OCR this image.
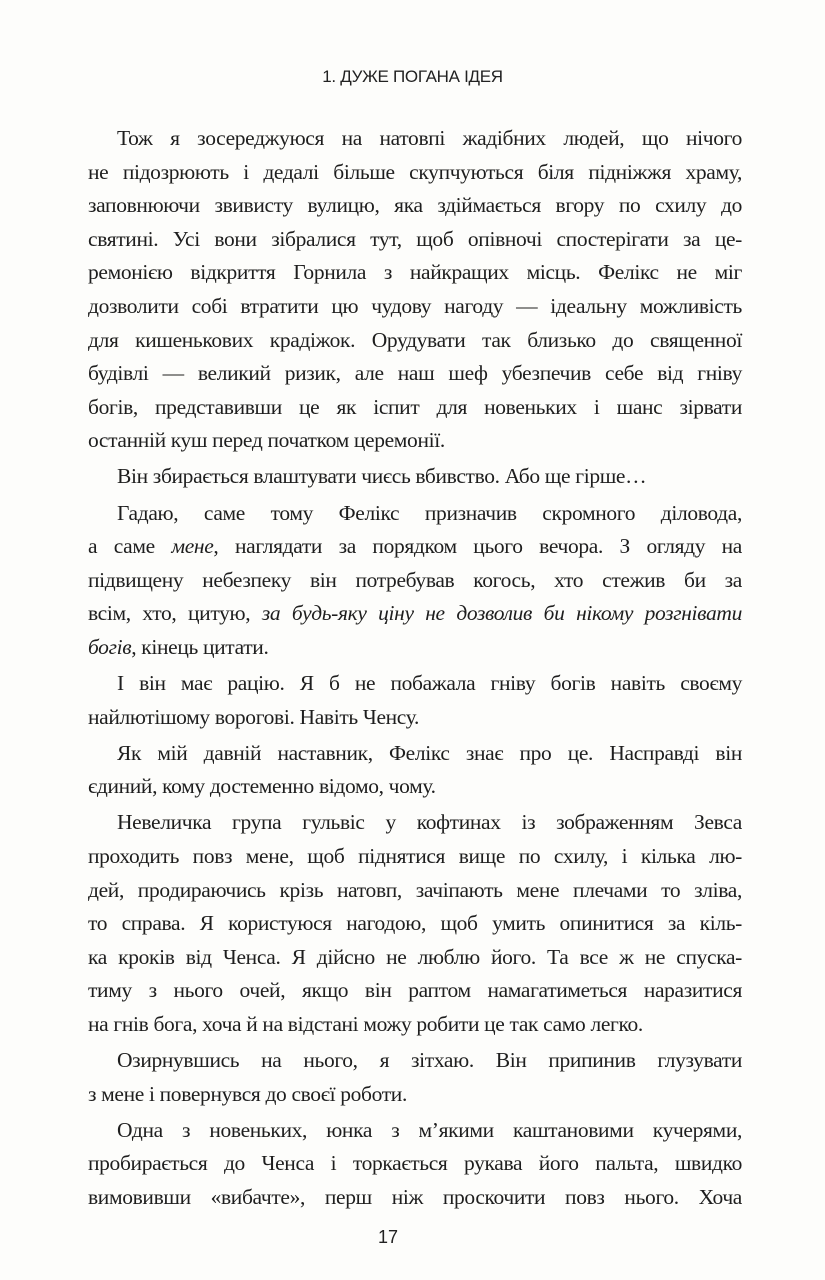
1. ДУЖЕ ПОГАНА ІДЕЯ
Тож я зосереджуюся на натовпі жадібних людей, що нічого
не підозрюють і дедалі більше скупчуються біля підніжжя храму,
заповнюючи звивисту вулицю, яка здіймається вгору по схилу до
святині. Усі вони зібралися тут, щоб опівночі спостерігати за це-
ремонією відкриття Горнила з найкращих місць. Фелікс не міг
дозволити собі втратити цю чудову нагоду — ідеальну можливість
для кишенькових крадіжок. Орудувати так близько до священної
будівлі — великий ризик, але наш шеф убезпечив себе від гніву
богів, представивши це як іспит для новеньких і шанс зірвати
останній куш перед початком церемонії.
Він збирається влаштувати чиєсь вбивство. Або ще гірше…
Гадаю, саме тому Фелікс призначив скромного діловода,
а саме мене, наглядати за порядком цього вечора. З огляду на
підвищену небезпеку він потребував когось, хто стежив би за
всім, хто, цитую, за будь-яку ціну не дозволив би нікому розгнівати
богів, кінець цитати.
І він має рацію. Я б не побажала гніву богів навіть своєму
найлютішому ворогові. Навіть Ченсу.
Як мій давній наставник, Фелікс знає про це. Насправді він
єдиний, кому достеменно відомо, чому.
Невеличка група гульвіс у кофтинах із зображенням Зевса
проходить повз мене, щоб піднятися вище по схилу, і кілька лю-
дей, продираючись крізь натовп, зачіпають мене плечами то зліва,
то справа. Я користуюся нагодою, щоб умить опинитися за кіль-
ка кроків від Ченса. Я дійсно не люблю його. Та все ж не спуска-
тиму з нього очей, якщо він раптом намагатиметься наразитися
на гнів бога, хоча й на відстані можу робити це так само легко.
Озирнувшись на нього, я зітхаю. Він припинив глузувати
з мене і повернувся до своєї роботи.
Одна з новеньких, юнка з м’якими каштановими кучерями,
пробирається до Ченса і торкається рукава його пальта, швидко
вимовивши «вибачте», перш ніж проскочити повз нього. Хоча
17
